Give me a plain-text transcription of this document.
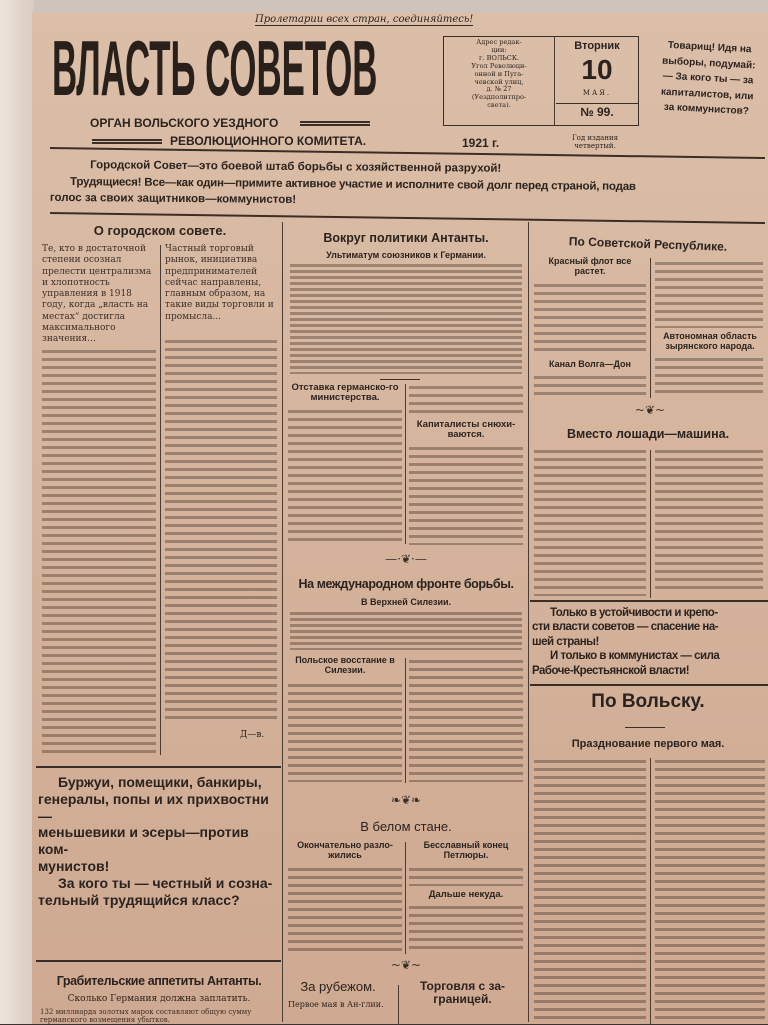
Пролетарии всех стран, соединяйтесь!
ВЛАСТЬ СОВЕТОВ
ОРГАН ВОЛЬСКОГО УЕЗДНОГО
РЕВОЛЮЦИОННОГО КОМИТЕТА.
Адрес редак-
ции:
г. ВОЛЬСК.
Угол Революци-
онной и Пуга-
чевской улиц,
д. № 27
(Уездполитпро-
света).
Вторник
10
МАЯ.
№ 99.
1921 г.	Год издания
четвертый.
Товарищ! Идя на
выборы, подумай:
— За кого ты — за
капиталистов, или
за коммунистов?
Городской Совет—это боевой штаб борьбы с хозяйственной разрухой!
Трудящиеся! Все—как один—примите активное участие и исполните свой долг перед страной, подав
голос за своих защитников—коммунистов!
О городском совете.
Те, кто в достаточной степени осознал прелести централизма и хлопотность управления в 1918 году, когда „власть на местах“ достигла максимального значения...
Частный торговый рынок, инициатива предпринимателей сейчас направлены, главным образом, на такие виды торговли и промысла...
Д—в.
Буржуи, помещики, банкиры,
генералы, попы и их прихвостни—
меньшевики и эсеры—против ком-
мунистов!
За кого ты — честный и созна-
тельный трудящийся класс?
Грабительские аппетиты Антанты.
Сколько Германия должна заплатить.
132 миллиарда золотых марок составляют общую сумму германского возмещения убытков.
Вокруг политики Антанты.
Ультиматум союзников к Германии.
Отставка германско-го министерства.
Капиталисты снюхи-ваются.
—·❦·—
На международном фронте борьбы.
В Верхней Силезии.
Польское восстание в Силезии.
❧❦❧
В белом стане.
Окончательно разло-жились
Бесславный конец Петлюры.
Дальше некуда.
~❦~
За рубежом.
Первое мая в Ан-глии.
Торговля с за-границей.
По Советской Республике.
Красный флот все растет.
Канал Волга—Дон
Автономная область зырянского народа.
~❦~
Вместо лошади—машина.
Только в устойчивости и крепо-
сти власти советов — спасение на-
шей страны!
И только в коммунистах — сила
Рабоче-Крестьянской власти!
По Вольску.
Празднование первого мая.
